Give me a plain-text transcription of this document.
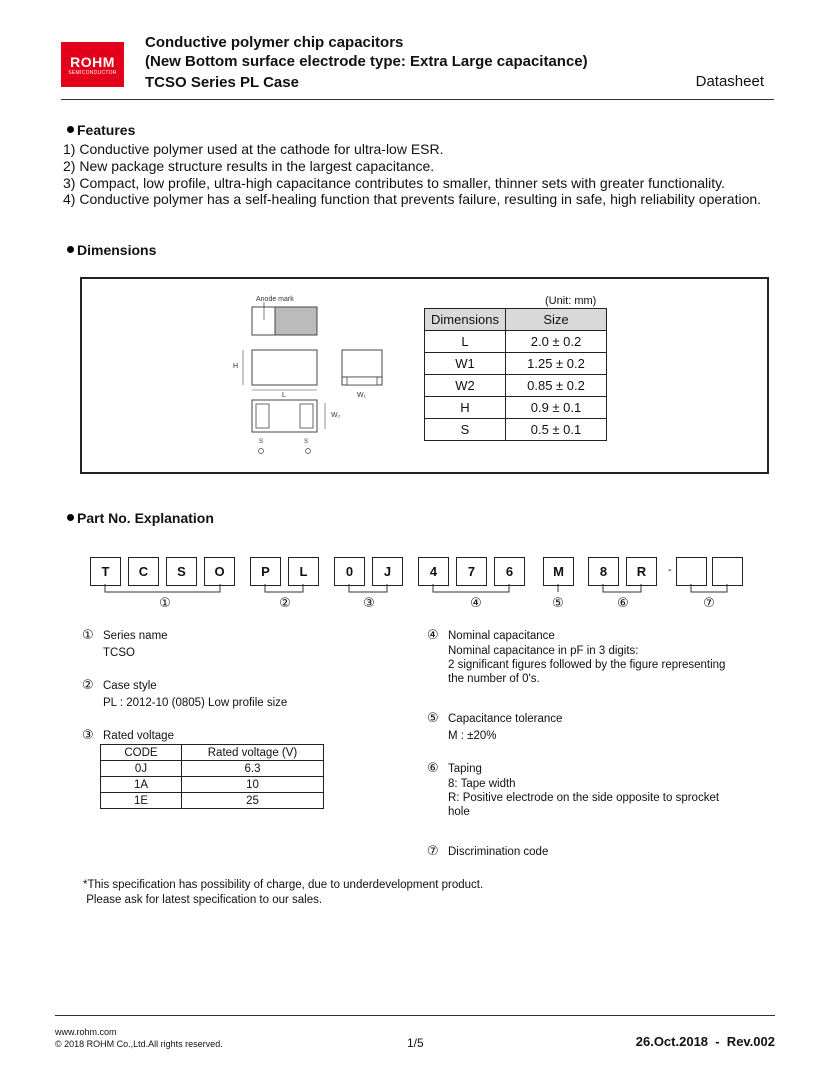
ROHM
SEMICONDUCTOR
Conductive polymer chip capacitors
(New Bottom surface electrode type: Extra Large capacitance)
TCSO Series PL Case	Datasheet
Features
1) Conductive polymer used at the cathode for ultra-low ESR.
2) New package structure results in the largest capacitance.
3) Compact, low profile, ultra-high capacitance contributes to smaller, thinner sets with greater functionality.
4) Conductive polymer has a self-healing function that prevents failure, resulting in safe, high reliability operation.
Dimensions
Anode mark
H
L	W₁
W₂
S	S
(Unit: mm)
Dimensions	Size
L	2.0 ± 0.2
W1	1.25 ± 0.2
W2	0.85 ± 0.2
H	0.9 ± 0.1
S	0.5 ± 0.1
Part No. Explanation
T	C	S	O	P	L	0	J	4	7	6	M	8	R	-
①	②	③	④	⑤	⑥	⑦
① Series name
TCSO
② Case style
PL : 2012-10 (0805) Low profile size
③ Rated voltage
CODE	Rated voltage (V)
0J	6.3
1A	10
1E	25
④ Nominal capacitance
Nominal capacitance in pF in 3 digits:
2 significant figures followed by the figure representing
the number of 0's.
⑤ Capacitance tolerance
M : ±20%
⑥ Taping
8: Tape width
R: Positive electrode on the side opposite to sprocket
hole
⑦ Discrimination code
*This specification has possibility of charge, due to underdevelopment product.
Please ask for latest specification to our sales.
www.rohm.com
© 2018 ROHM Co.,Ltd.All rights reserved.	1/5	26.Oct.2018  -  Rev.002
